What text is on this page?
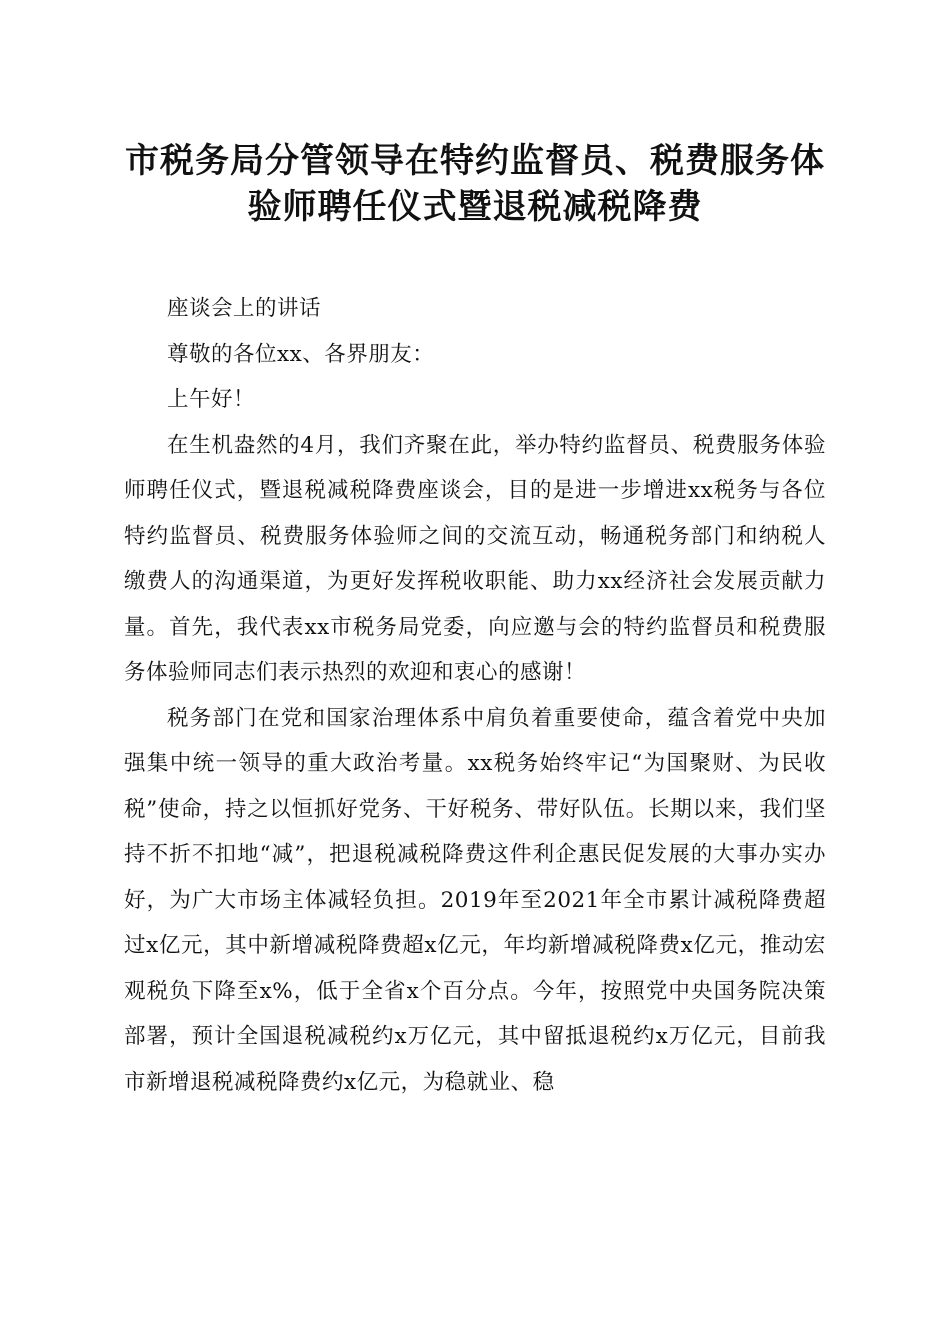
市税务局分管领导在特约监督员、税费服务体
验师聘任仪式暨退税减税降费

座谈会上的讲话

尊敬的各位xx、各界朋友：

上午好！

在生机盎然的4月，我们齐聚在此，举办特约监督员、税费服务体验师聘任仪式，暨退税减税降费座谈会，目的是进一步增进xx税务与各位特约监督员、税费服务体验师之间的交流互动，畅通税务部门和纳税人缴费人的沟通渠道，为更好发挥税收职能、助力xx经济社会发展贡献力量。首先，我代表xx市税务局党委，向应邀与会的特约监督员和税费服务体验师同志们表示热烈的欢迎和衷心的感谢！

税务部门在党和国家治理体系中肩负着重要使命，蕴含着党中央加强集中统一领导的重大政治考量。xx税务始终牢记“为国聚财、为民收税”使命，持之以恒抓好党务、干好税务、带好队伍。长期以来，我们坚持不折不扣地“减”，把退税减税降费这件利企惠民促发展的大事办实办好，为广大市场主体减轻负担。2019年至2021年全市累计减税降费超过x亿元，其中新增减税降费超x亿元，年均新增减税降费x亿元，推动宏观税负下降至x%，低于全省x个百分点。今年，按照党中央国务院决策部署，预计全国退税减税约x万亿元，其中留抵退税约x万亿元，目前我市新增退税减税降费约x亿元，为稳就业、稳
